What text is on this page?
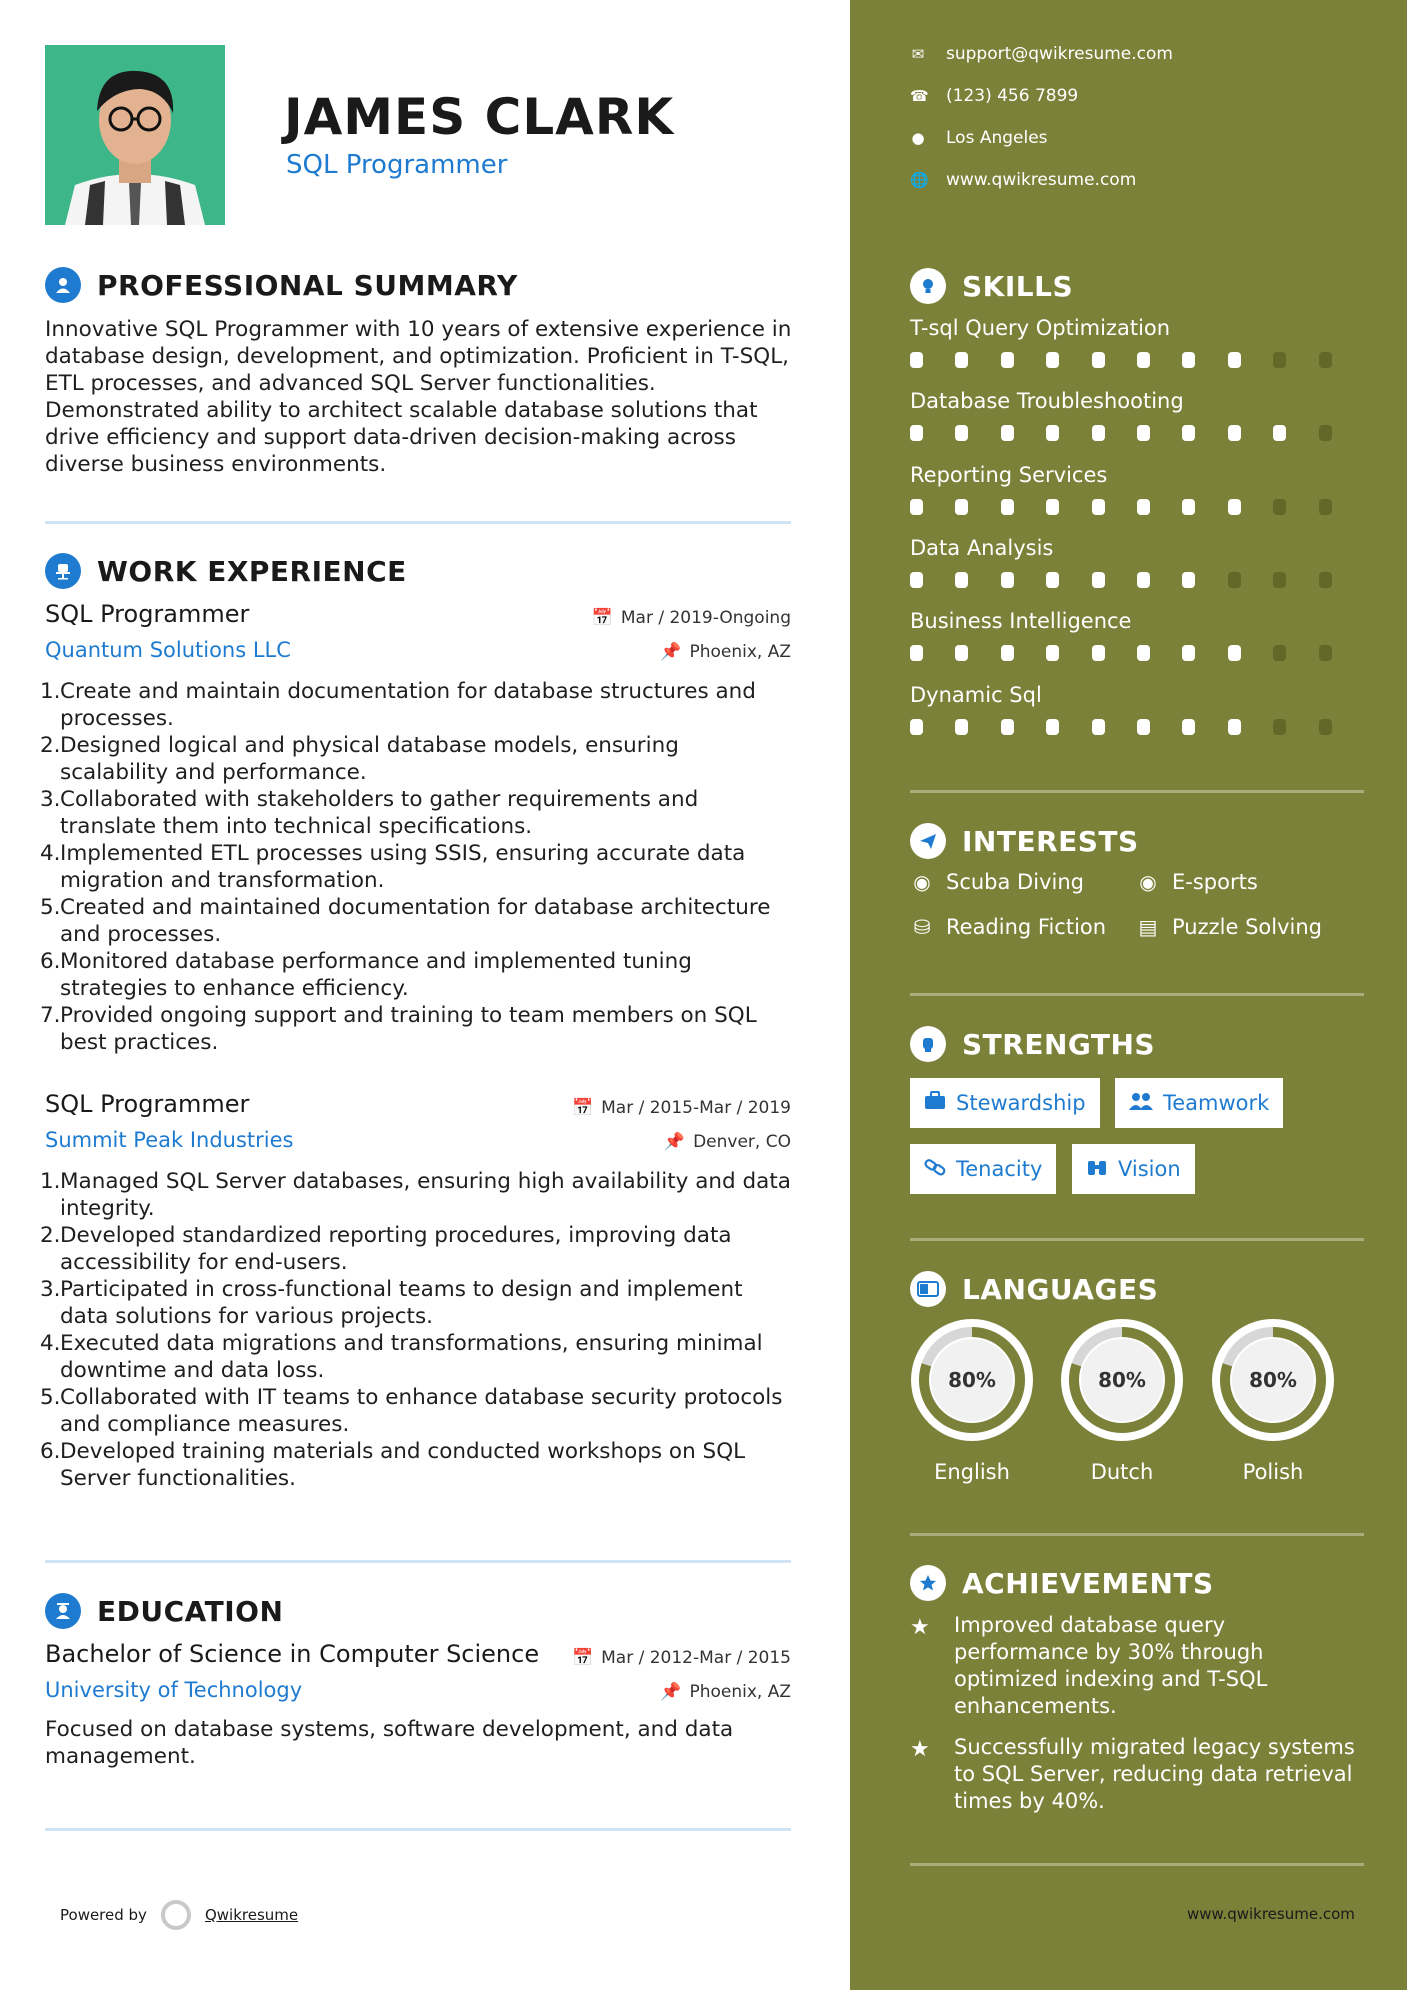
JAMES CLARK
SQL Programmer
PROFESSIONAL SUMMARY
Innovative SQL Programmer with 10 years of extensive experience in database design, development, and optimization. Proficient in T-SQL, ETL processes, and advanced SQL Server functionalities. Demonstrated ability to architect scalable database solutions that drive efficiency and support data-driven decision-making across diverse business environments.
WORK EXPERIENCE
SQL Programmer	📅 Mar / 2019-Ongoing
Quantum Solutions LLC	📌 Phoenix, AZ
1. Create and maintain documentation for database structures and processes.
2. Designed logical and physical database models, ensuring scalability and performance.
3. Collaborated with stakeholders to gather requirements and translate them into technical specifications.
4. Implemented ETL processes using SSIS, ensuring accurate data migration and transformation.
5. Created and maintained documentation for database architecture and processes.
6. Monitored database performance and implemented tuning strategies to enhance efficiency.
7. Provided ongoing support and training to team members on SQL best practices.
SQL Programmer	📅 Mar / 2015-Mar / 2019
Summit Peak Industries	📌 Denver, CO
1. Managed SQL Server databases, ensuring high availability and data integrity.
2. Developed standardized reporting procedures, improving data accessibility for end-users.
3. Participated in cross-functional teams to design and implement data solutions for various projects.
4. Executed data migrations and transformations, ensuring minimal downtime and data loss.
5. Collaborated with IT teams to enhance database security protocols and compliance measures.
6. Developed training materials and conducted workshops on SQL Server functionalities.
EDUCATION
Bachelor of Science in Computer Science	📅 Mar / 2012-Mar / 2015
University of Technology	📌 Phoenix, AZ
Focused on database systems, software development, and data management.
Powered by	Qwikresume
✉ support@qwikresume.com
☎ (123) 456 7899
● Los Angeles
🌐 www.qwikresume.com
SKILLS
T-sql Query Optimization
Database Troubleshooting
Reporting Services
Data Analysis
Business Intelligence
Dynamic Sql
INTERESTS
◉ Scuba Diving	◉ E-sports
⛁ Reading Fiction ▤ Puzzle Solving
STRENGTHS
Stewardship	Teamwork
Tenacity	Vision
LANGUAGES
80%
English
80%
Dutch
80%
Polish
ACHIEVEMENTS
★	Improved database query performance by 30% through optimized indexing and T-SQL enhancements.
★	Successfully migrated legacy systems to SQL Server, reducing data retrieval times by 40%.
www.qwikresume.com
